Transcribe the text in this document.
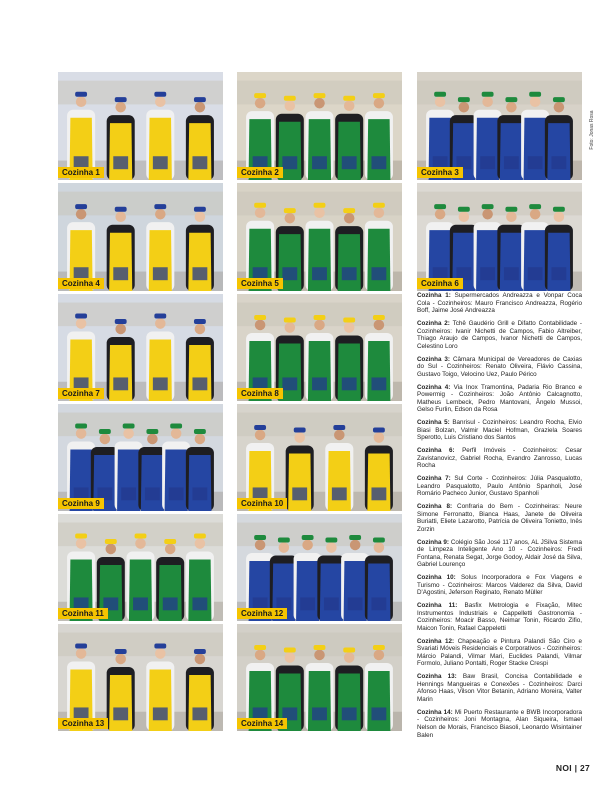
Cozinha 1	Cozinha 2	Cozinha 3
Cozinha 4	Cozinha 5	Cozinha 6
Cozinha 7	Cozinha 8
Cozinha 9	Cozinha 10
Cozinha 11	Cozinha 12
Cozinha 13	Cozinha 14
Foto: Jonas Rosa

Cozinha 1: Supermercados Andreazza e Vonpar Coca Cola - Cozinheiros: Mauro Francisco Andreazza, Rogério Boff, Jaime José Andreazza

Cozinha 2: Tchê Gaudério Grill e Difatto Contabilidade - Cozinheiros: Ivanir Nichetti de Campos, Fabio Altreiber, Thiago Araujo de Campos, Ivanor Nichetti de Campos, Celestino Loro

Cozinha 3: Câmara Municipal de Vereadores de Caxias do Sul - Cozinheiros: Renato Oliveira, Flávio Cassina, Gustavo Toigo, Velocino Uez, Paulo Périco

Cozinha 4: Via Inox Tramontina, Padaria Rio Branco e Powermig - Cozinheiros: João Antônio Calcagnotto, Matheus Lembeck, Pedro Mantovani, Ângelo Mussoi, Gelso Furlin, Edson da Rosa

Cozinha 5: Banrisul - Cozinheiros: Leandro Rocha, Elvio Biasi Bolzan, Valmir Maciel Hofman, Graziela Soares Sperotto, Luis Cristiano dos Santos

Cozinha 6: Perfil Imóveis - Cozinheiros: Cesar Zavistanovicz, Gabriel Rocha, Evandro Zanrosso, Lucas Rocha

Cozinha 7: Sul Corte - Cozinheiros: Júlia Pasqualotto, Leandro Pasqualotto, Paulo Antônio Spanholi, José Romário Pacheco Junior, Gustavo Spanholi

Cozinha 8: Confraria do Bem - Cozinheiras: Neure Simone Ferronatto, Bianca Haas, Janete de Oliveira Buriatti, Eliete Lazarotto, Patrícia de Oliveira Tonietto, Inês Zorzin

Cozinha 9: Colégio São José 117 anos, AL JSilva Sistema de Limpeza Inteligente Ano 10 - Cozinheiros: Fredi Fontana, Renata Segat, Jorge Godoy, Aldair José da Silva, Gabriel Lourenço

Cozinha 10: Solus Incorporadora e Fox Viagens e Turismo - Cozinheiros: Marcos Valderez da Silva, David D'Agostini, Jeferson Reginato, Renato Müller

Cozinha 11: Basfix Metrologia e Fixação, Mitec Instrumentos Industriais e Cappelletti Gastronomia - Cozinheiros: Moacir Basso, Neimar Tonin, Ricardo Zifio, Maicon Tonin, Rafael Cappeletti

Cozinha 12: Chapeação e Pintura Palandi São Ciro e Svariati Móveis Residenciais e Corporativos - Cozinheiros: Márcio Palandi, Vilmar Mari, Euclides Palandi, Vilmar Formolo, Juliano Pontalti, Roger Stacke Crespi

Cozinha 13: Baw Brasil, Concisa Contabilidade e Hennings Mangueiras e Conexões - Cozinheiros: Darci Afonso Haas, Vilson Vitor Betanin, Adriano Moreira, Valter Marin

Cozinha 14: Mi Puerto Restaurante e BWB Incorporadora - Cozinheiros: Joni Montagna, Alan Siqueira, Ismael Nelson de Morais, Francisco Biasoli, Leonardo Wisintainer Balen

NOI | 27
